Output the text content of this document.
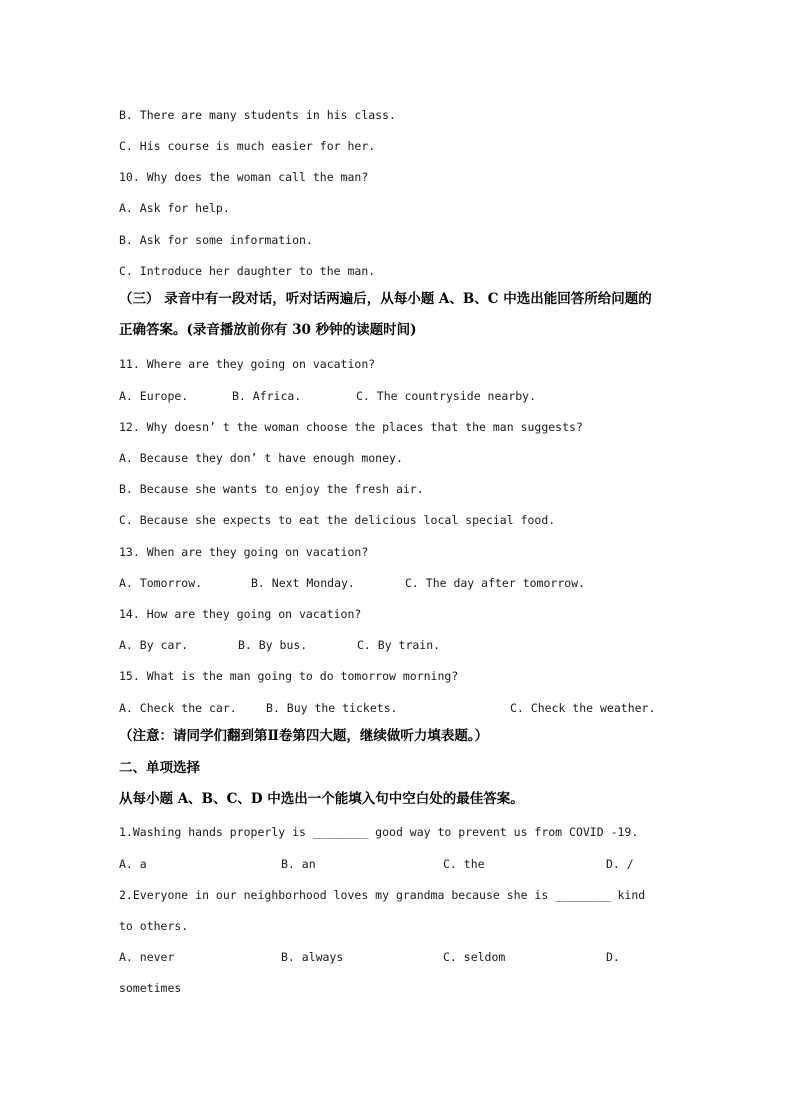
B. There are many students in his class.
C. His course is much easier for her.
10. Why does the woman call the man?
A. Ask for help.
B. Ask for some information.
C. Introduce her daughter to the man.
（三） 录音中有一段对话，听对话两遍后，从每小题 A、B、C 中选出能回答所给问题的
正确答案。(录音播放前你有 30 秒钟的读题时间)
11. Where are they going on vacation?
A. Europe.	B. Africa.	C. The countryside nearby.
12. Why doesn’ t the woman choose the places that the man suggests?
A. Because they don’ t have enough money.
B. Because she wants to enjoy the fresh air.
C. Because she expects to eat the delicious local special food.
13. When are they going on vacation?
A. Tomorrow.	B. Next Monday.	C. The day after tomorrow.
14. How are they going on vacation?
A. By car.	B. By bus.	C. By train.
15. What is the man going to do tomorrow morning?
A. Check the car.	B. Buy the tickets.	C. Check the weather.
（注意：请同学们翻到第Ⅱ卷第四大题，继续做听力填表题。）
二、单项选择
从每小题 A、B、C、D 中选出一个能填入句中空白处的最佳答案。
1.Washing hands properly is ________ good way to prevent us from COVID -19.
A. a	B. an	C. the	D. /
2.Everyone in our neighborhood loves my grandma because she is ________ kind
to others.
A. never	B. always	C. seldom	D.
sometimes
